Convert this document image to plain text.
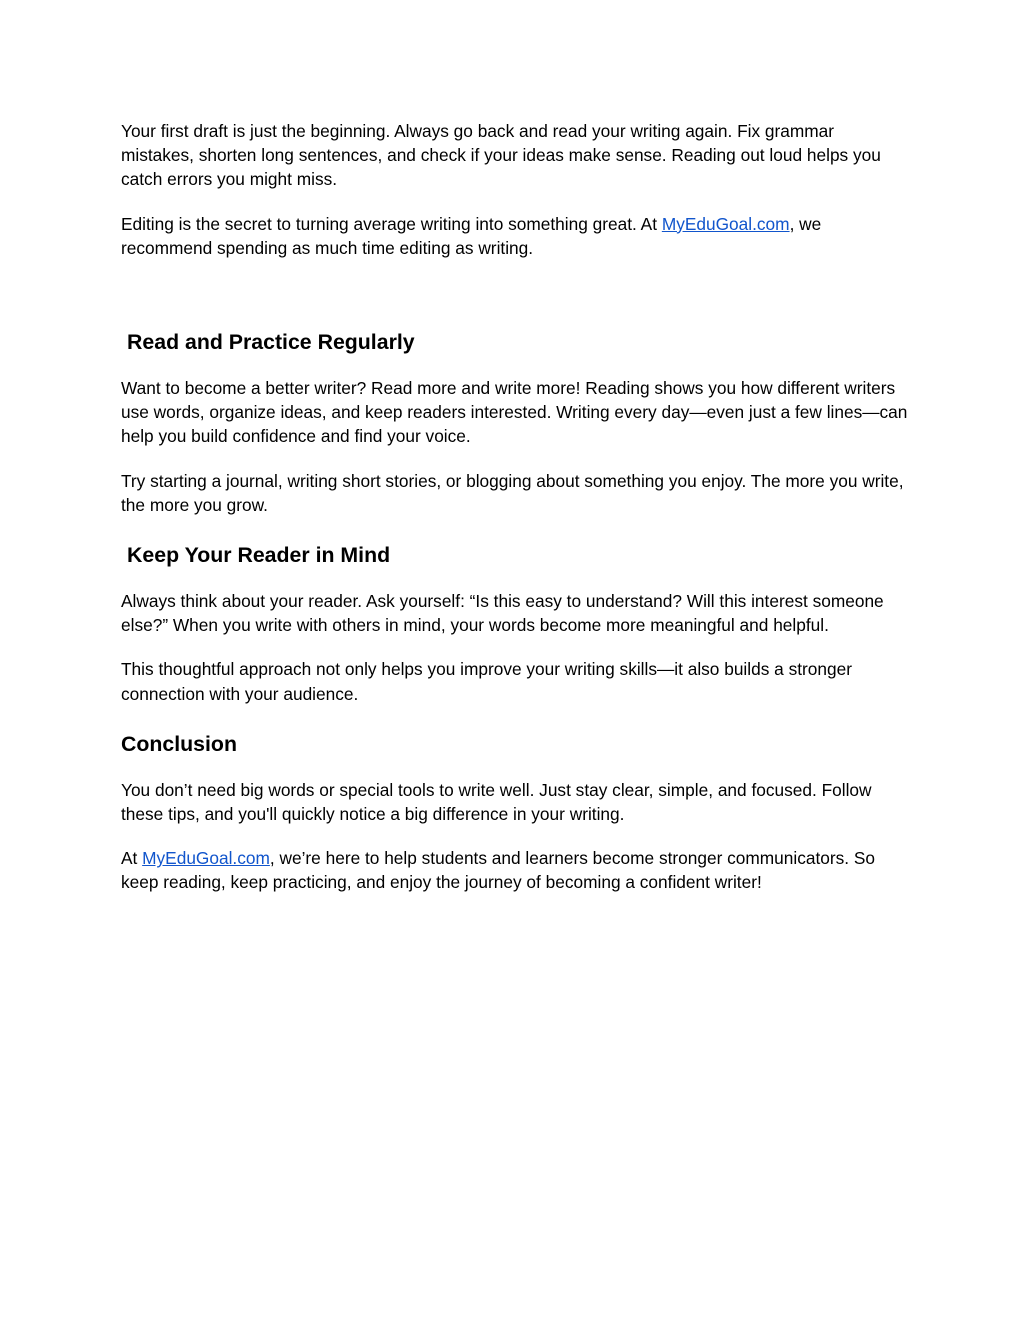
Your first draft is just the beginning. Always go back and read your writing again. Fix grammar mistakes, shorten long sentences, and check if your ideas make sense. Reading out loud helps you catch errors you might miss.

Editing is the secret to turning average writing into something great. At MyEduGoal.com, we recommend spending as much time editing as writing.

Read and Practice Regularly

Want to become a better writer? Read more and write more! Reading shows you how different writers use words, organize ideas, and keep readers interested. Writing every day—even just a few lines—can help you build confidence and find your voice.

Try starting a journal, writing short stories, or blogging about something you enjoy. The more you write, the more you grow.

Keep Your Reader in Mind

Always think about your reader. Ask yourself: “Is this easy to understand? Will this interest someone else?” When you write with others in mind, your words become more meaningful and helpful.

This thoughtful approach not only helps you improve your writing skills—it also builds a stronger connection with your audience.

Conclusion

You don’t need big words or special tools to write well. Just stay clear, simple, and focused. Follow these tips, and you'll quickly notice a big difference in your writing.

At MyEduGoal.com, we’re here to help students and learners become stronger communicators. So keep reading, keep practicing, and enjoy the journey of becoming a confident writer!
